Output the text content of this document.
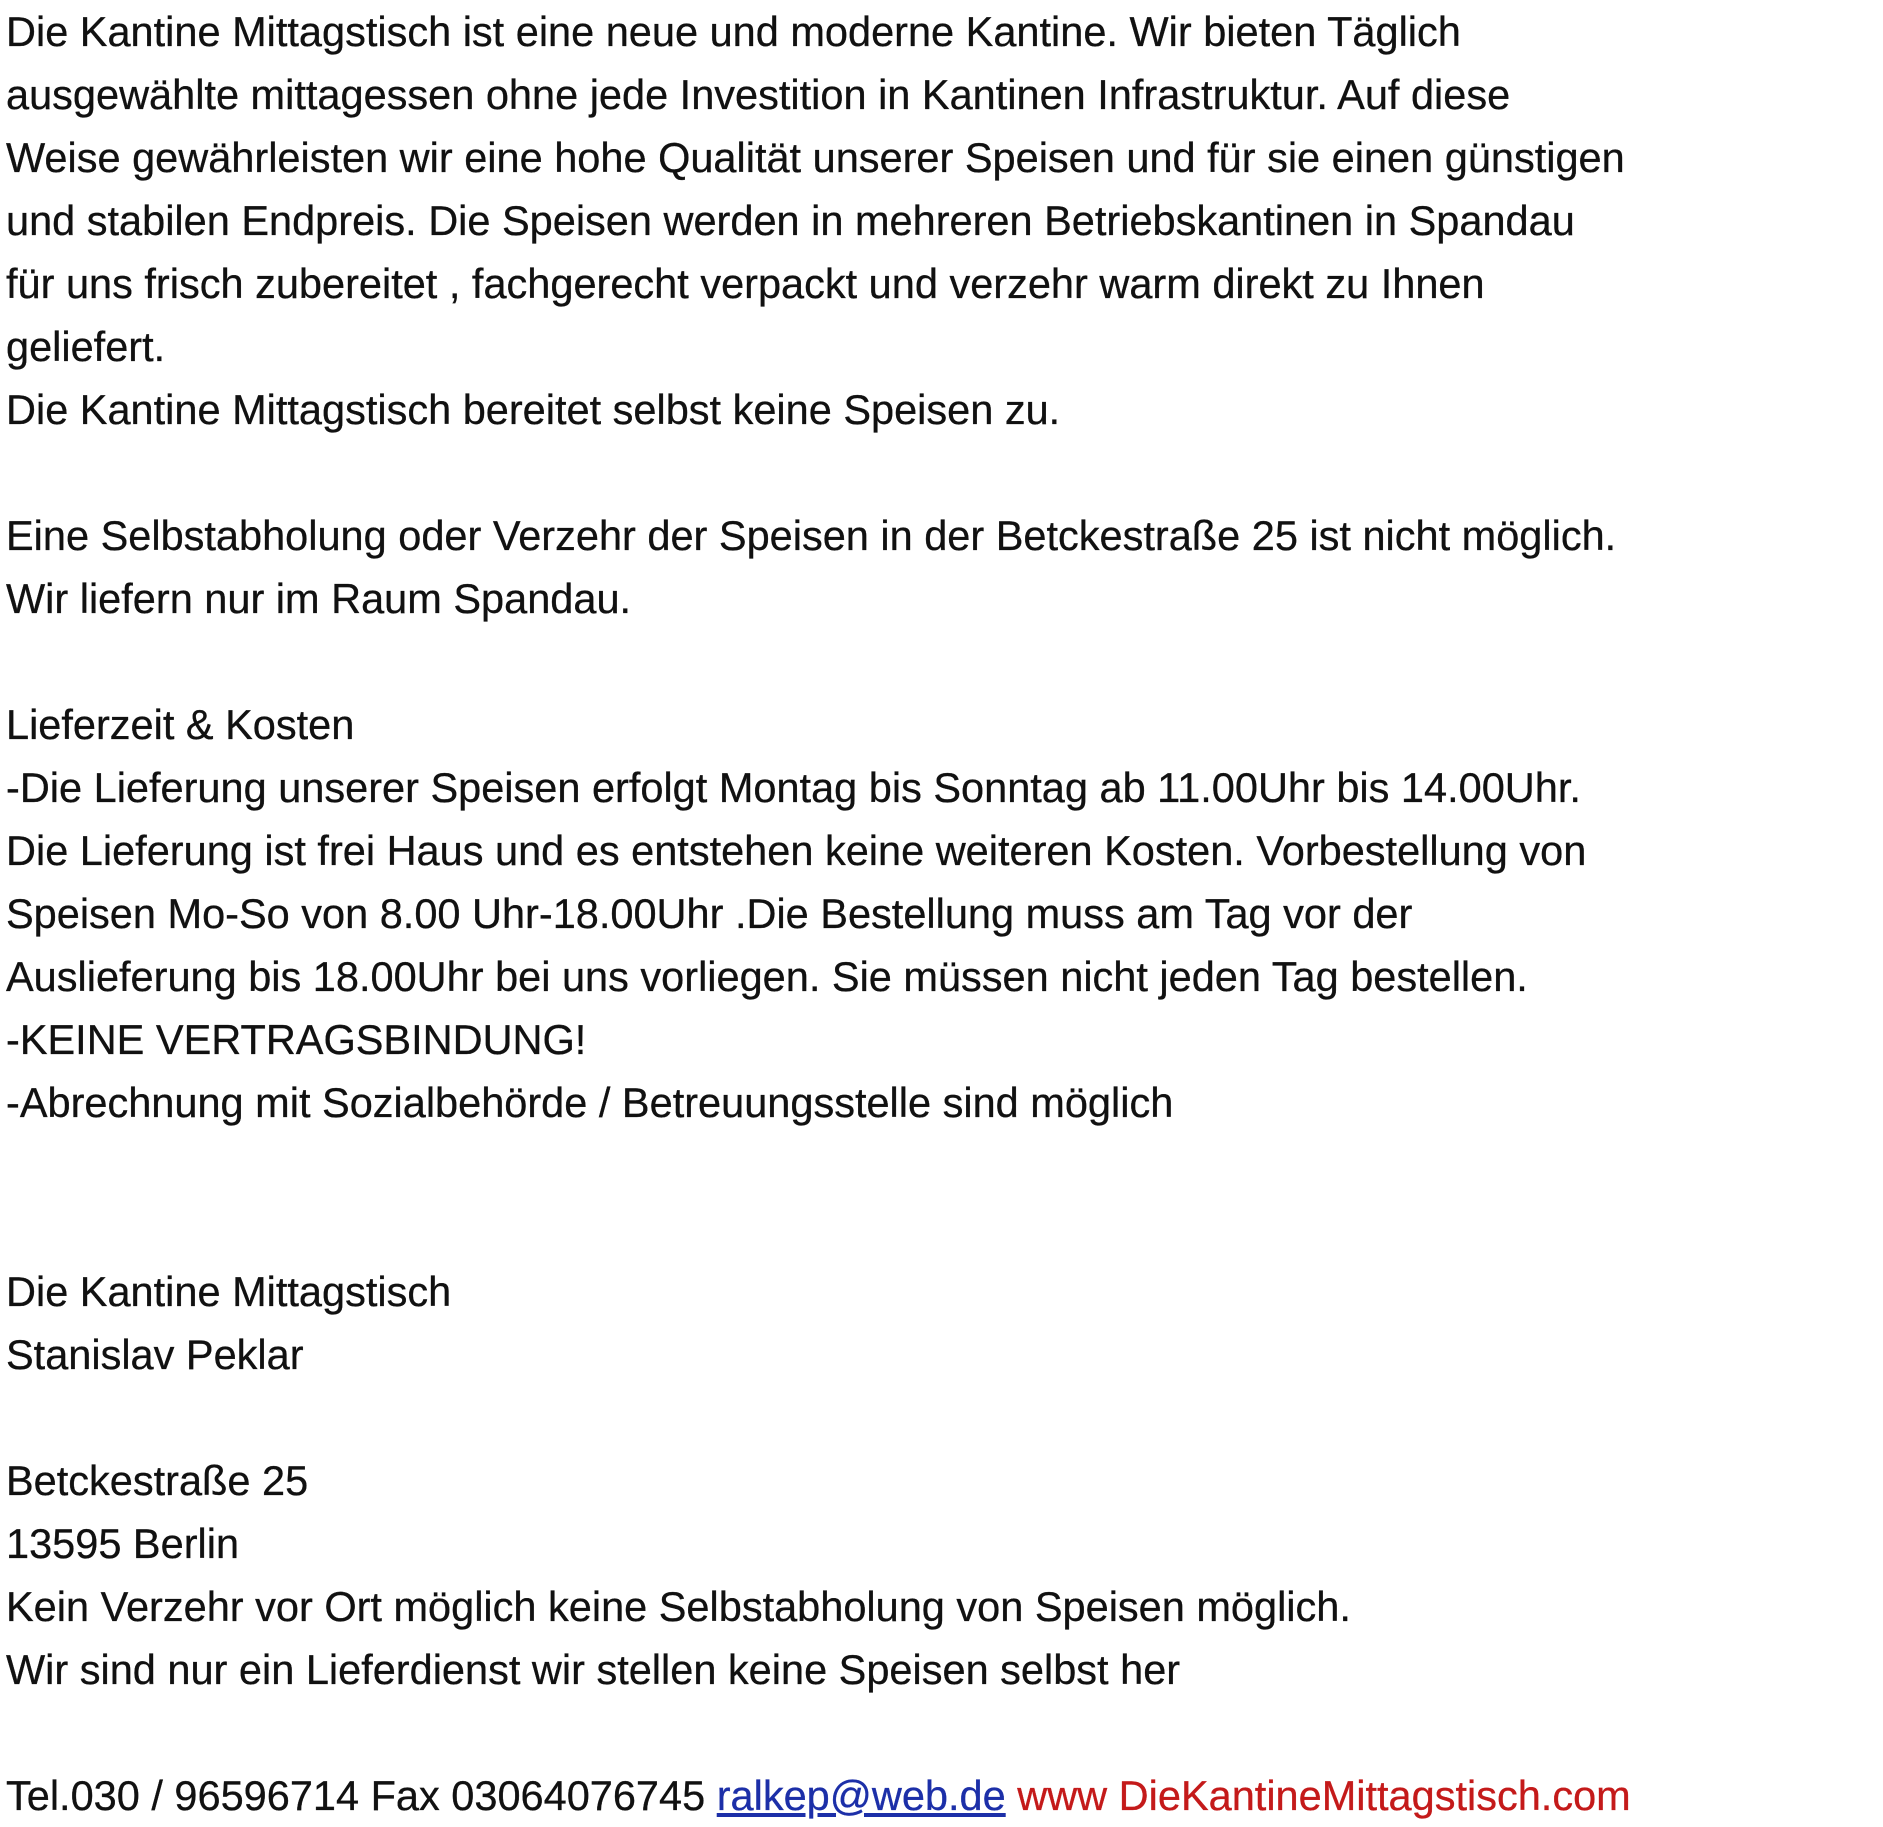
Die Kantine Mittagstisch ist eine neue und moderne Kantine. Wir bieten Täglich
ausgewählte mittagessen ohne jede Investition in Kantinen Infrastruktur. Auf diese
Weise gewährleisten wir eine hohe Qualität unserer Speisen und für sie einen günstigen
und stabilen Endpreis. Die Speisen werden in mehreren Betriebskantinen in Spandau
für uns frisch zubereitet , fachgerecht verpackt und verzehr warm direkt zu Ihnen
geliefert.
Die Kantine Mittagstisch bereitet selbst keine Speisen zu.
Eine Selbstabholung oder Verzehr der Speisen in der Betckestraße 25 ist nicht möglich.
Wir liefern nur im Raum Spandau.
Lieferzeit & Kosten
-Die Lieferung unserer Speisen erfolgt Montag bis Sonntag ab 11.00Uhr bis 14.00Uhr.
Die Lieferung ist frei Haus und es entstehen keine weiteren Kosten. Vorbestellung von
Speisen Mo-So von 8.00 Uhr-18.00Uhr .Die Bestellung muss am Tag vor der
Auslieferung bis 18.00Uhr bei uns vorliegen. Sie müssen nicht jeden Tag bestellen.
-KEINE VERTRAGSBINDUNG!
-Abrechnung mit Sozialbehörde / Betreuungsstelle sind möglich
Die Kantine Mittagstisch
Stanislav Peklar
Betckestraße 25
13595 Berlin
Kein Verzehr vor Ort möglich keine Selbstabholung von Speisen möglich.
Wir sind nur ein Lieferdienst wir stellen keine Speisen selbst her
Tel.030 / 96596714 Fax 03064076745 ralkep@web.de www DieKantineMittagstisch.com
